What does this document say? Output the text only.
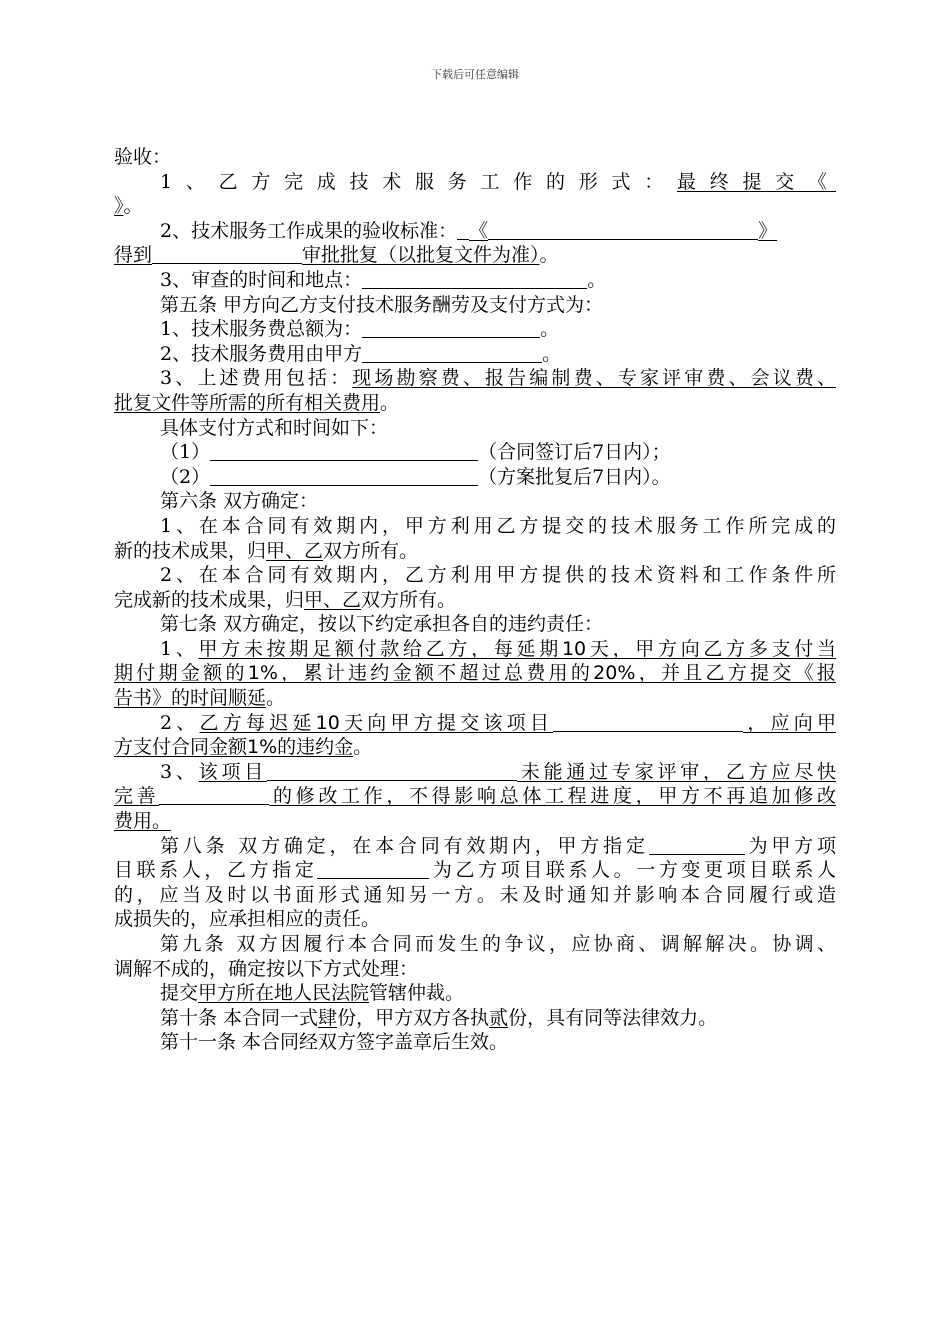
下载后可任意编辑

验收：

1、乙方完成技术服务工作的形式：最终提交《

》。

2、技术服务工作成果的验收标准： 《	》

得到	审批批复（以批复文件为准）。

3、审查的时间和地点：	。

第五条 甲方向乙方支付技术服务酬劳及支付方式为：

1、技术服务费总额为：	。

2、技术服务费用由甲方	。

3、上述费用包括：现场勘察费、报告编制费、专家评审费、会议费、

批复文件等所需的所有相关费用。

具体支付方式和时间如下：

（1）	（合同签订后7日内）；

（2）	（方案批复后7日内）。

第六条 双方确定：

1、在本合同有效期内，甲方利用乙方提交的技术服务工作所完成的

新的技术成果，归甲、乙双方所有。

2、在本合同有效期内，乙方利用甲方提供的技术资料和工作条件所

完成新的技术成果，归甲、乙双方所有。

第七条 双方确定，按以下约定承担各自的违约责任：

1、甲方未按期足额付款给乙方，每延期10天，甲方向乙方多支付当

期付期金额的1%，累计违约金额不超过总费用的20%，并且乙方提交《报

告书》的时间顺延。

2、乙方每迟延10天向甲方提交该项目	，应向甲

方支付合同金额1%的违约金。

3、该项目	未能通过专家评审，乙方应尽快

完善	的修改工作，不得影响总体工程进度，甲方不再追加修改

费用。

第八条 双方确定，在本合同有效期内，甲方指定	为甲方项

目联系人，乙方指定	为乙方项目联系人。一方变更项目联系人

的，应当及时以书面形式通知另一方。未及时通知并影响本合同履行或造

成损失的，应承担相应的责任。

第九条 双方因履行本合同而发生的争议，应协商、调解解决。协调、

调解不成的，确定按以下方式处理：

提交甲方所在地人民法院管辖仲裁。

第十条 本合同一式肆份，甲方双方各执贰份，具有同等法律效力。

第十一条 本合同经双方签字盖章后生效。
